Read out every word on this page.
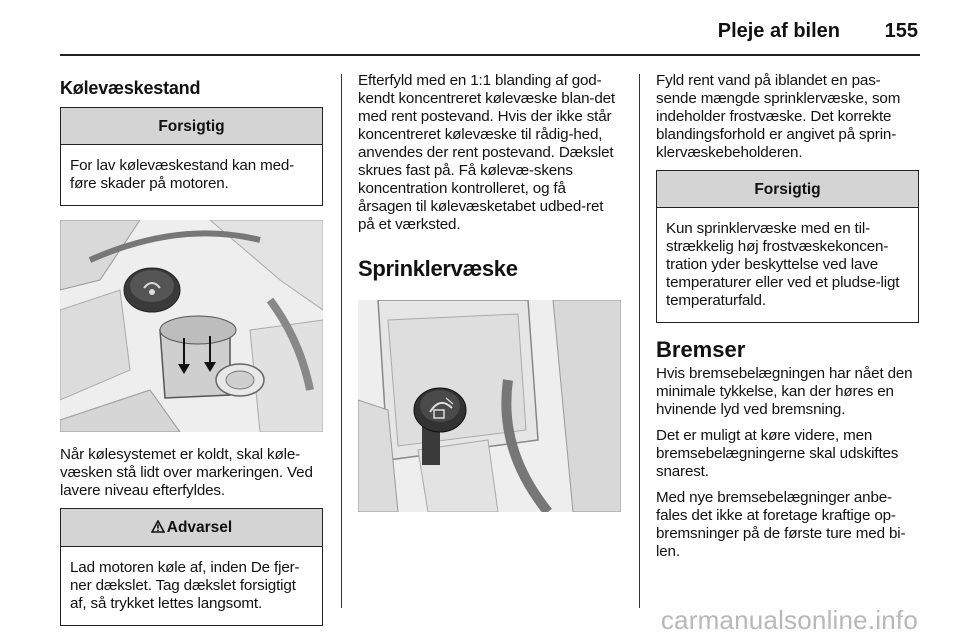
Pleje af bilen 155
Kølevæskestand
Forsigtig
For lav kølevæskestand kan med-føre skader på motoren.

Når kølesystemet er koldt, skal køle-væsken stå lidt over markeringen. Ved lavere niveau efterfyldes.

Advarsel
Lad motoren køle af, inden De fjer-ner dækslet. Tag dækslet forsigtigt af, så trykket lettes langsomt.

Efterfyld med en 1:1 blanding af god-kendt koncentreret kølevæske blan-det med rent postevand. Hvis der ikke står koncentreret kølevæske til rådig-hed, anvendes der rent postevand. Dækslet skrues fast på. Få kølevæ-skens koncentration kontrolleret, og få årsagen til kølevæsketabet udbed-ret på et værksted.

Sprinklervæske

Fyld rent vand på iblandet en pas-sende mængde sprinklervæske, som indeholder frostvæske. Det korrekte blandingsforhold er angivet på sprin-klervæskebeholderen.

Forsigtig
Kun sprinklervæske med en til-strækkelig høj frostvæskekoncen-tration yder beskyttelse ved lave temperaturer eller ved et pludse-ligt temperaturfald.
Bremser

Hvis bremsebelægningen har nået den minimale tykkelse, kan der høres en hvinende lyd ved bremsning.

Det er muligt at køre videre, men bremsebelægningerne skal udskiftes snarest.

Med nye bremsebelægninger anbe-fales det ikke at foretage kraftige op-bremsninger på de første ture med bi-len.

carmanualsonline.info
